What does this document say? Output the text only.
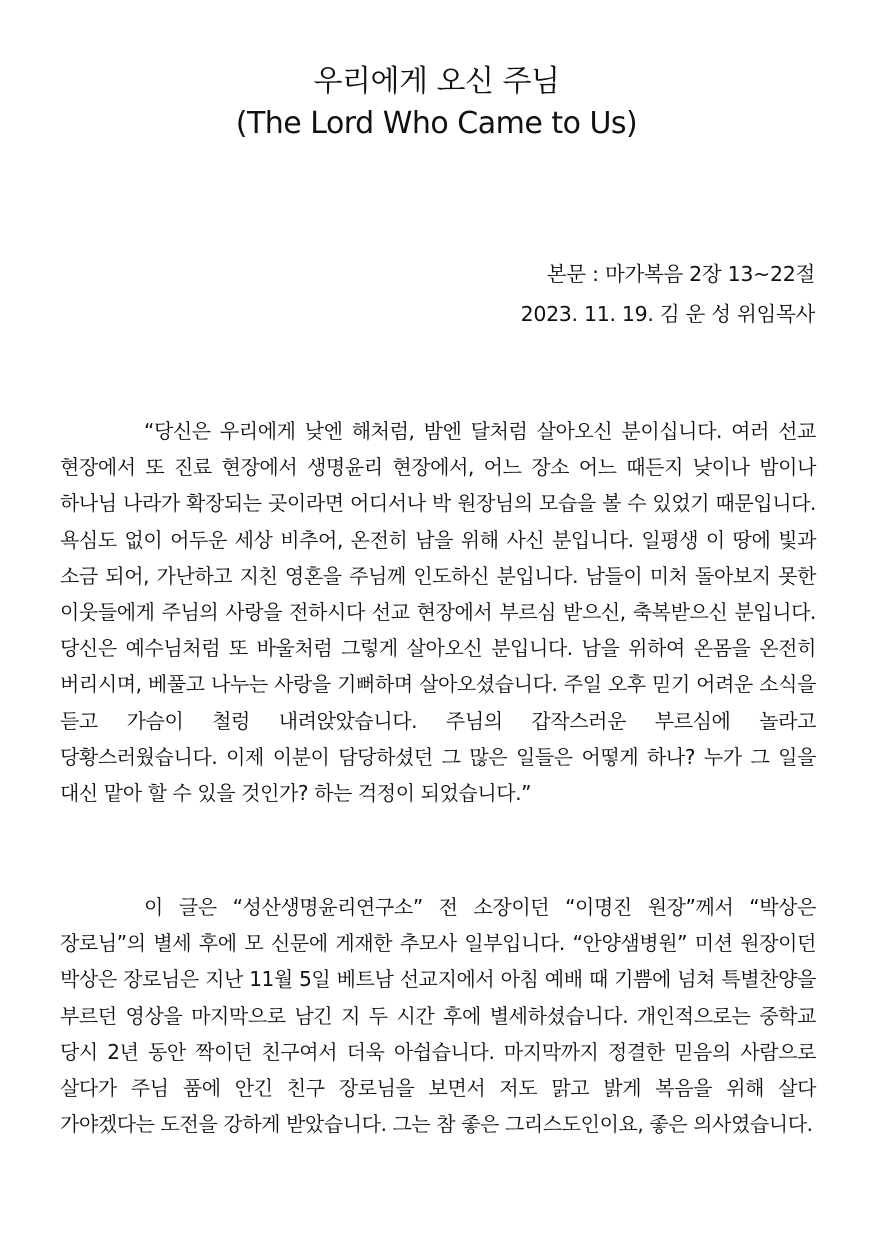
우리에게 오신 주님
(The Lord Who Came to Us)
본문 : 마가복음 2장 13~22절
2023. 11. 19. 김 운 성 위임목사

“당신은 우리에게 낮엔 해처럼, 밤엔 달처럼 살아오신 분이십니다. 여러 선교 현장에서 또 진료 현장에서 생명윤리 현장에서, 어느 장소 어느 때든지 낮이나 밤이나 하나님 나라가 확장되는 곳이라면 어디서나 박 원장님의 모습을 볼 수 있었기 때문입니다. 욕심도 없이 어두운 세상 비추어, 온전히 남을 위해 사신 분입니다. 일평생 이 땅에 빛과 소금 되어, 가난하고 지친 영혼을 주님께 인도하신 분입니다. 남들이 미처 돌아보지 못한 이웃들에게 주님의 사랑을 전하시다 선교 현장에서 부르심 받으신, 축복받으신 분입니다. 당신은 예수님처럼 또 바울처럼 그렇게 살아오신 분입니다. 남을 위하여 온몸을 온전히 버리시며, 베풀고 나누는 사랑을 기뻐하며 살아오셨습니다. 주일 오후 믿기 어려운 소식을 듣고 가슴이 철렁 내려앉았습니다. 주님의 갑작스러운 부르심에 놀라고 당황스러웠습니다. 이제 이분이 담당하셨던 그 많은 일들은 어떻게 하나? 누가 그 일을 대신 맡아 할 수 있을 것인가? 하는 걱정이 되었습니다.”

이 글은 “성산생명윤리연구소” 전 소장이던 “이명진 원장”께서 “박상은 장로님”의 별세 후에 모 신문에 게재한 추모사 일부입니다. “안양샘병원” 미션 원장이던 박상은 장로님은 지난 11월 5일 베트남 선교지에서 아침 예배 때 기쁨에 넘쳐 특별찬양을 부르던 영상을 마지막으로 남긴 지 두 시간 후에 별세하셨습니다. 개인적으로는 중학교 당시 2년 동안 짝이던 친구여서 더욱 아쉽습니다. 마지막까지 정결한 믿음의 사람으로 살다가 주님 품에 안긴 친구 장로님을 보면서 저도 맑고 밝게 복음을 위해 살다 가야겠다는 도전을 강하게 받았습니다. 그는 참 좋은 그리스도인이요, 좋은 의사였습니다.
